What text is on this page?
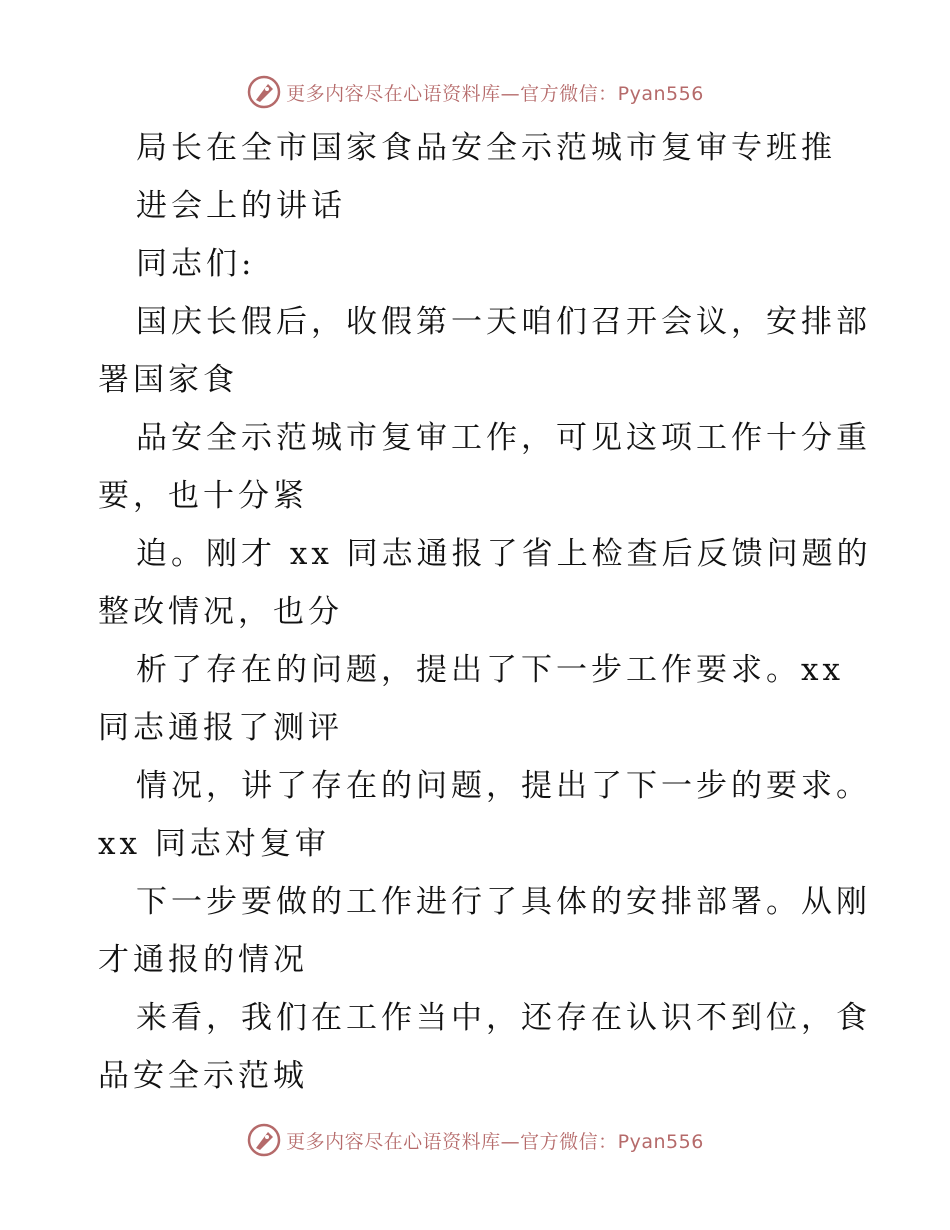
更多内容尽在心语资料库—官方微信：Pyan556
局长在全市国家食品安全示范城市复审专班推
进会上的讲话
同志们:
国庆长假后，收假第一天咱们召开会议，安排部
署国家食
品安全示范城市复审工作，可见这项工作十分重
要，也十分紧
迫。刚才 xx 同志通报了省上检查后反馈问题的
整改情况，也分
析了存在的问题，提出了下一步工作要求。xx
同志通报了测评
情况，讲了存在的问题，提出了下一步的要求。
xx 同志对复审
下一步要做的工作进行了具体的安排部署。从刚
才通报的情况
来看，我们在工作当中，还存在认识不到位，食
品安全示范城
更多内容尽在心语资料库—官方微信：Pyan556
